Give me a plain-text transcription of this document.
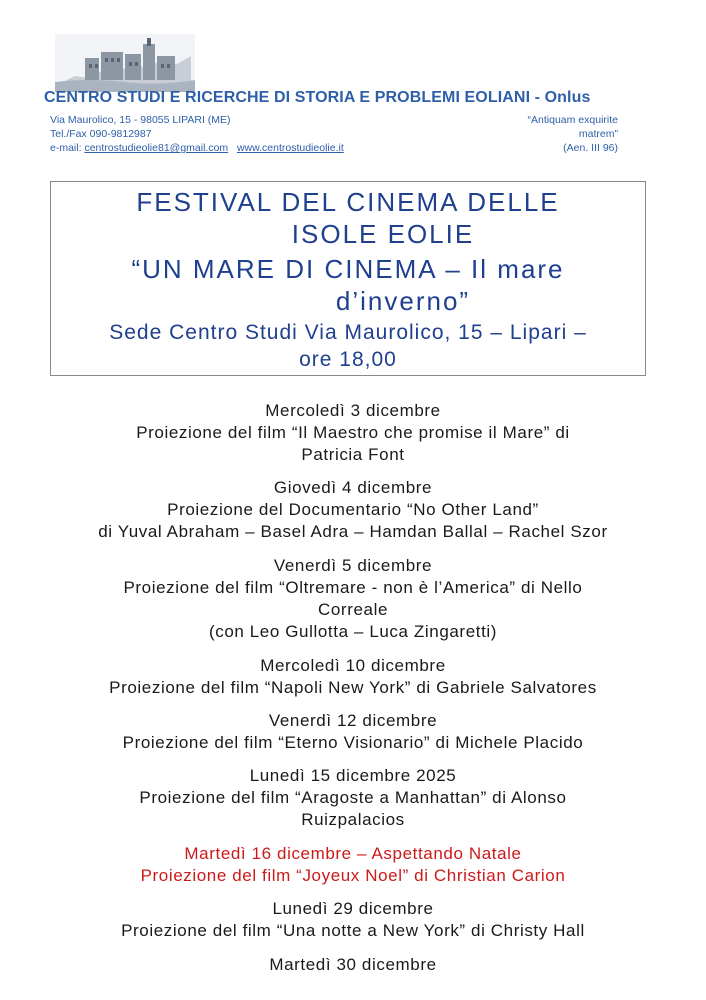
CENTRO STUDI E RICERCHE DI STORIA E PROBLEMI EOLIANI - Onlus
Via Maurolico, 15 - 98055 LIPARI (ME)
Tel./Fax 090-9812987
e-mail: centrostudieolie81@gmail.com www.centrostudieolie.it
“Antiquam exquirite
matrem”
(Aen. III 96)
FESTIVAL DEL CINEMA DELLE
ISOLE EOLIE
“UN MARE DI CINEMA – Il mare
d’inverno”
Sede Centro Studi Via Maurolico, 15 – Lipari –
ore 18,00
Mercoledì 3 dicembre
Proiezione del film “Il Maestro che promise il Mare” di
Patricia Font
Giovedì 4 dicembre
Proiezione del Documentario “No Other Land”
di Yuval Abraham – Basel Adra – Hamdan Ballal – Rachel Szor
Venerdì 5 dicembre
Proiezione del film “Oltremare - non è l’America” di Nello
Correale
(con Leo Gullotta – Luca Zingaretti)
Mercoledì 10 dicembre
Proiezione del film “Napoli New York” di Gabriele Salvatores
Venerdì 12 dicembre
Proiezione del film “Eterno Visionario” di Michele Placido
Lunedì 15 dicembre 2025
Proiezione del film “Aragoste a Manhattan” di Alonso
Ruizpalacios
Martedì 16 dicembre – Aspettando Natale
Proiezione del film “Joyeux Noel” di Christian Carion
Lunedì 29 dicembre
Proiezione del film “Una notte a New York” di Christy Hall
Martedì 30 dicembre
